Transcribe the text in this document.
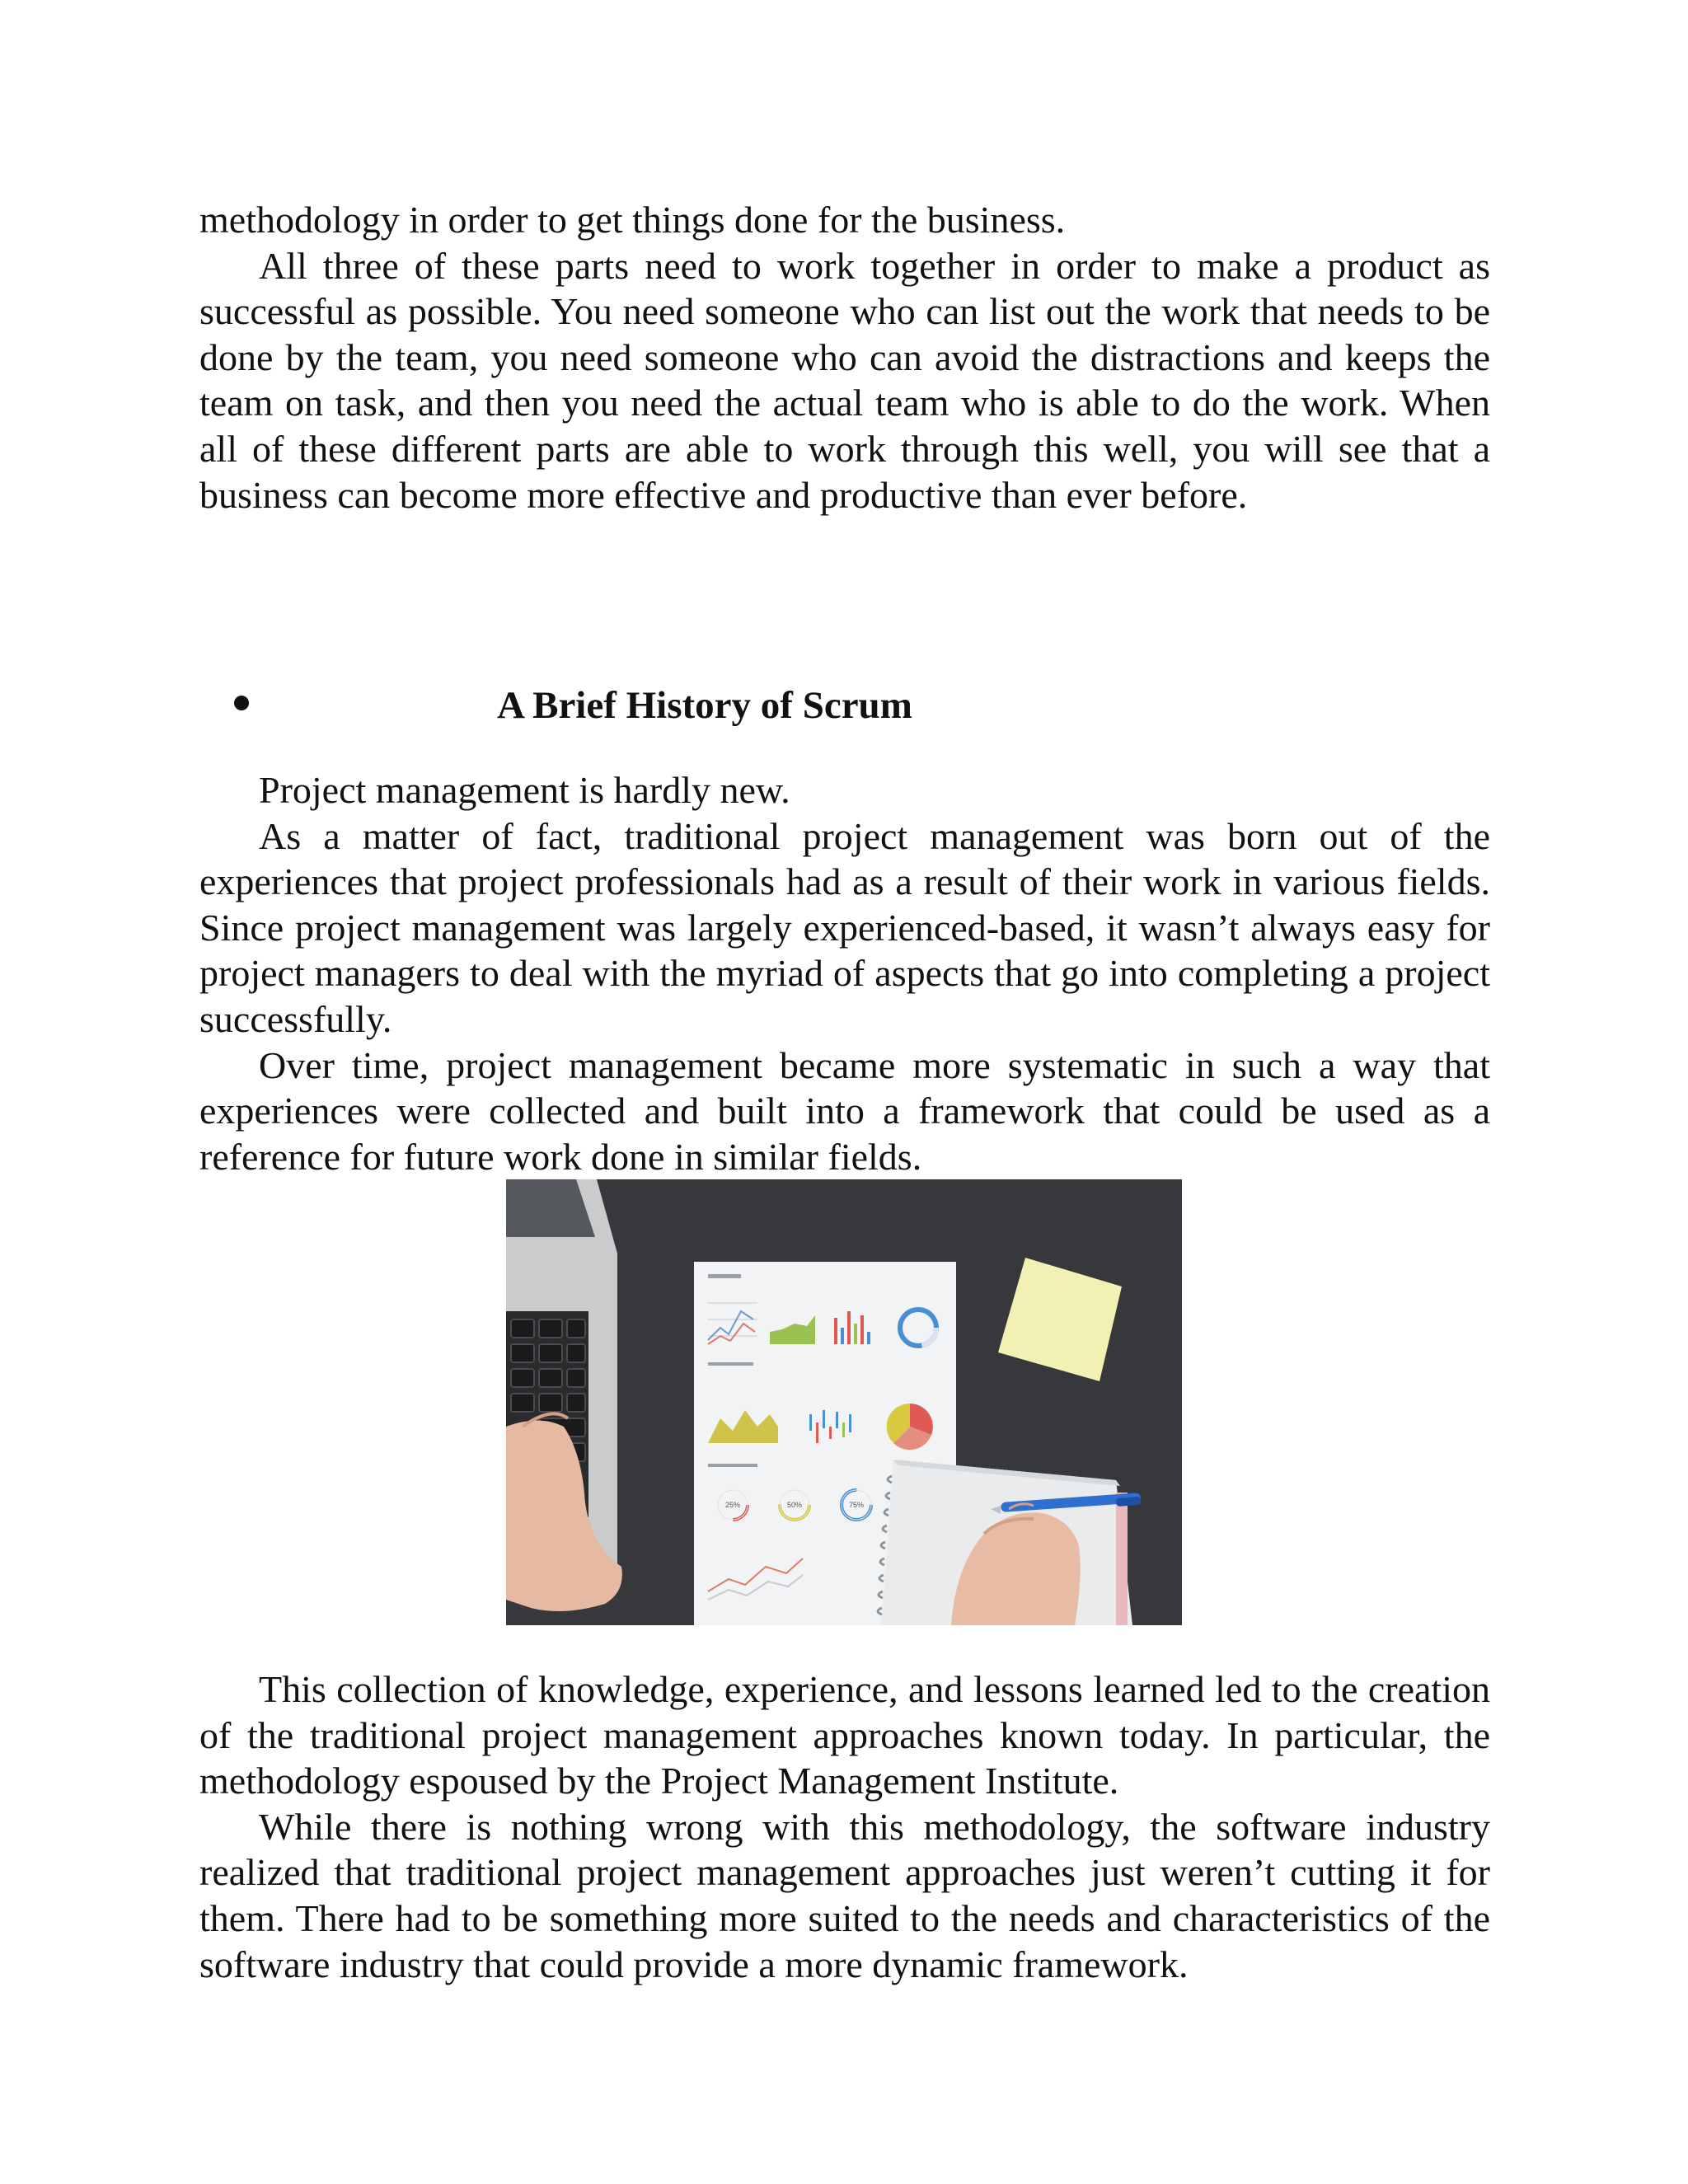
methodology in order to get things done for the business.

All three of these parts need to work together in order to make a product as successful as possible. You need someone who can list out the work that needs to be done by the team, you need someone who can avoid the distractions and keeps the team on task, and then you need the actual team who is able to do the work. When all of these different parts are able to work through this well, you will see that a business can become more effective and productive than ever before.

A Brief History of Scrum

Project management is hardly new.

As a matter of fact, traditional project management was born out of the experiences that project professionals had as a result of their work in various fields. Since project management was largely experienced-based, it wasn’t always easy for project managers to deal with the myriad of aspects that go into completing a project successfully.

Over time, project management became more systematic in such a way that experiences were collected and built into a framework that could be used as a reference for future work done in similar fields.

25%	50%	75%

This collection of knowledge, experience, and lessons learned led to the creation of the traditional project management approaches known today. In particular, the methodology espoused by the Project Management Institute.

While there is nothing wrong with this methodology, the software industry realized that traditional project management approaches just weren’t cutting it for them. There had to be something more suited to the needs and characteristics of the software industry that could provide a more dynamic framework.
